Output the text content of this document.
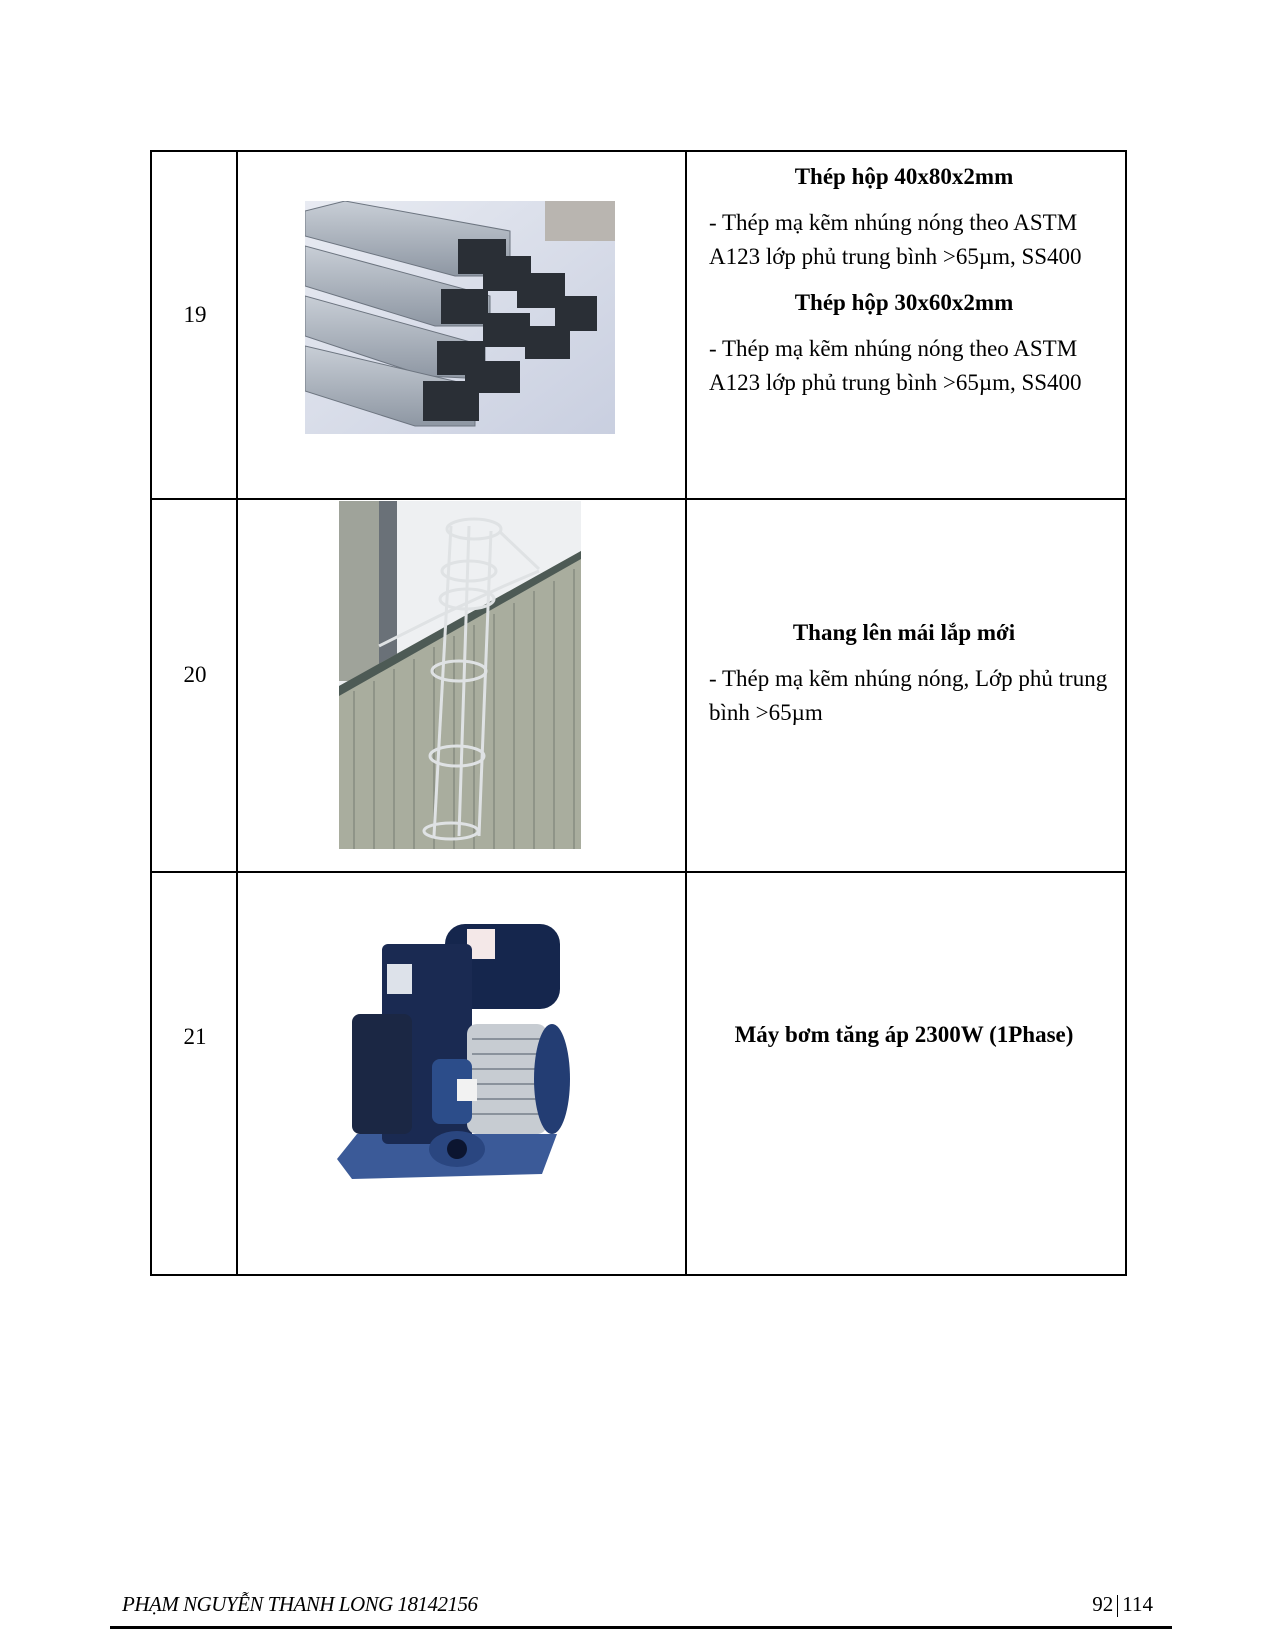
19
Thép hộp 40x80x2mm
- Thép mạ kẽm nhúng nóng theo ASTM A123 lớp phủ trung bình >65µm, SS400
Thép hộp 30x60x2mm
- Thép mạ kẽm nhúng nóng theo ASTM A123 lớp phủ trung bình >65µm, SS400
20
Thang lên mái lắp mới
- Thép mạ kẽm nhúng nóng, Lớp phủ trung bình >65µm
21	Máy bơm tăng áp 2300W (1Phase)
PHẠM NGUYỄN THANH LONG 18142156	92 114
